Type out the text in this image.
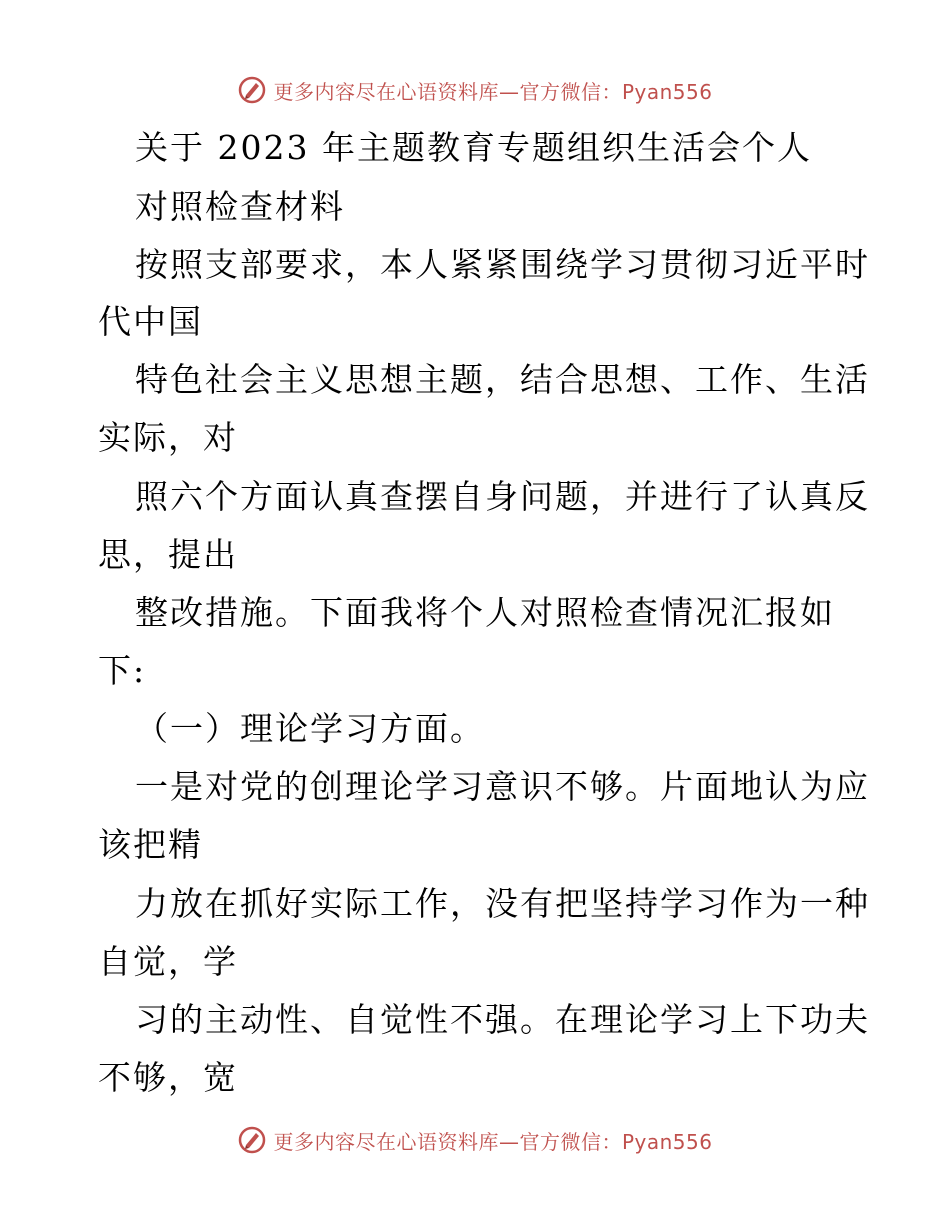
更多内容尽在心语资料库—官方微信：Pyan556
关于 2023 年主题教育专题组织生活会个人
对照检查材料
按照支部要求，本人紧紧围绕学习贯彻习近平时
代中国
特色社会主义思想主题，结合思想、工作、生活
实际，对
照六个方面认真查摆自身问题，并进行了认真反
思，提出
整改措施。下面我将个人对照检查情况汇报如
下:
（一）理论学习方面。
一是对党的创理论学习意识不够。片面地认为应
该把精
力放在抓好实际工作，没有把坚持学习作为一种
自觉，学
习的主动性、自觉性不强。在理论学习上下功夫
不够，宽
更多内容尽在心语资料库—官方微信：Pyan556
